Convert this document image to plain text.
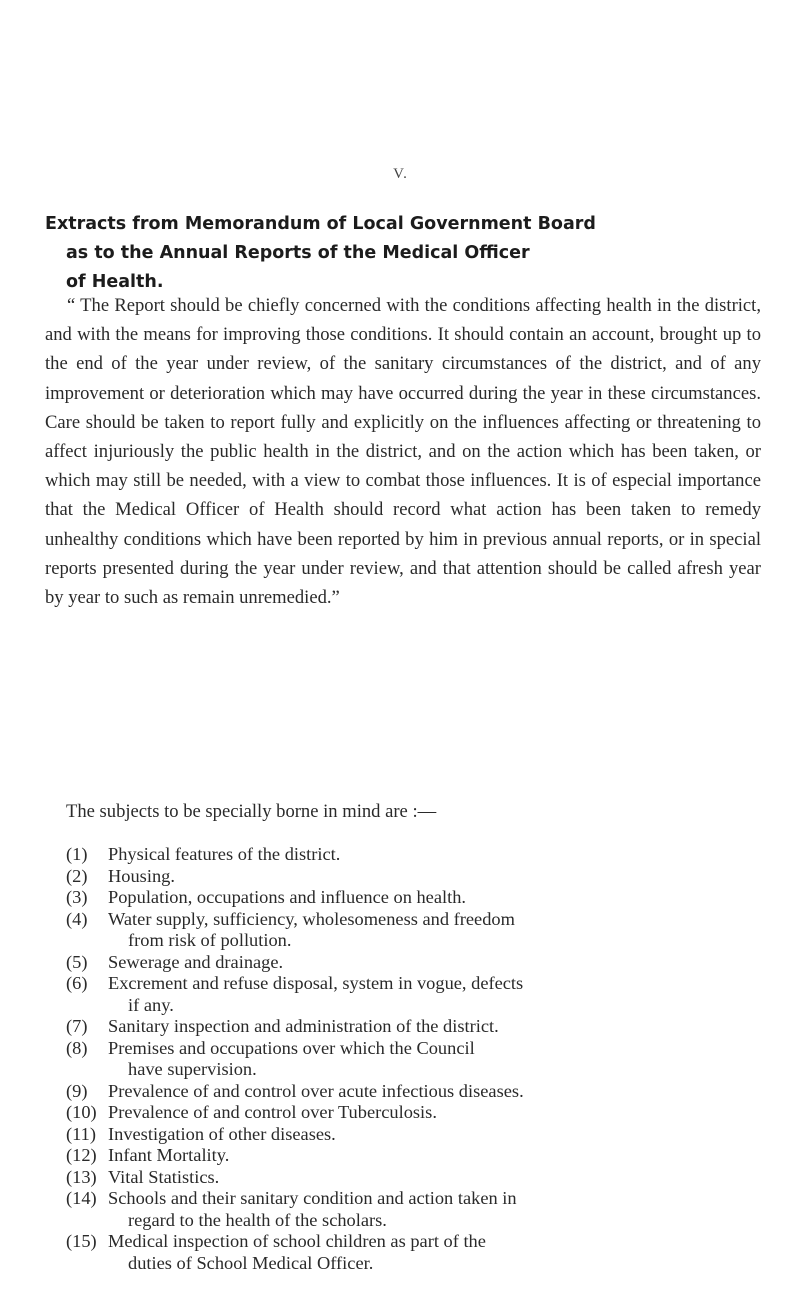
V.
Extracts from Memorandum of Local Government Board
as to the Annual Reports of the Medical Officer
of Health.

“ The Report should be chiefly concerned with the conditions affecting health in the district, and with the means for improving those conditions. It should contain an account, brought up to the end of the year under review, of the sanitary circumstances of the district, and of any improvement or deterioration which may have occurred during the year in these circumstances. Care should be taken to report fully and explicitly on the influences affecting or threatening to affect injuriously the public health in the district, and on the action which has been taken, or which may still be needed, with a view to combat those influences. It is of especial importance that the Medical Officer of Health should record what action has been taken to remedy unhealthy conditions which have been reported by him in previous annual reports, or in special reports presented during the year under review, and that attention should be called afresh year by year to such as remain unremedied.”

The subjects to be specially borne in mind are :—

(1)	Physical features of the district.
(2)	Housing.
(3)	Population, occupations and influence on health.
(4)	Water supply, sufficiency, wholesomeness and freedom
from risk of pollution.
(5)	Sewerage and drainage.
(6)	Excrement and refuse disposal, system in vogue, defects
if any.
(7)	Sanitary inspection and administration of the district.
(8)	Premises and occupations over which the Council
have supervision.
(9)	Prevalence of and control over acute infectious diseases.
(10) Prevalence of and control over Tuberculosis.
(11) Investigation of other diseases.
(12) Infant Mortality.
(13) Vital Statistics.
(14) Schools and their sanitary condition and action taken in
regard to the health of the scholars.
(15) Medical inspection of school children as part of the
duties of School Medical Officer.
